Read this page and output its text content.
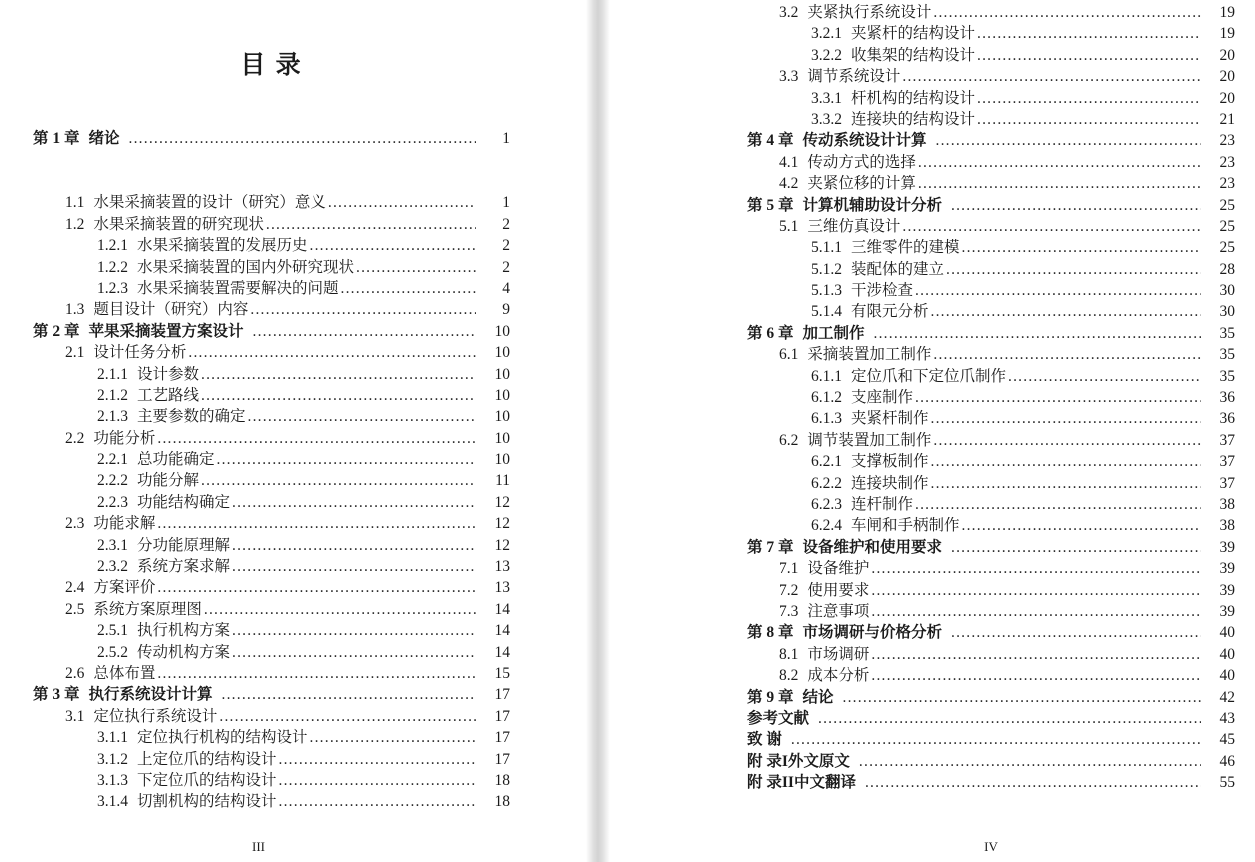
目 录
第 1 章 绪论 .....	1
1.1 水果采摘装置的设计（研究）意义 .....	1
1.2 水果采摘装置的研究现状 .....	2
1.2.1 水果采摘装置的发展历史 .....	2
1.2.2 水果采摘装置的国内外研究现状 .....	2
1.2.3 水果采摘装置需要解决的问题 .....	4
1.3 题目设计（研究）内容 .....	9
第 2 章 苹果采摘装置方案设计 .....	10
2.1 设计任务分析 .....	10
2.1.1 设计参数 .....	10
2.1.2 工艺路线 .....	10
2.1.3 主要参数的确定 .....	10
2.2 功能分析 .....	10
2.2.1 总功能确定 .....	10
2.2.2 功能分解 .....	11
2.2.3 功能结构确定 .....	12
2.3 功能求解 .....	12
2.3.1 分功能原理解 .....	12
2.3.2 系统方案求解 .....	13
2.4 方案评价 .....	13
2.5 系统方案原理图 .....	14
2.5.1 执行机构方案 .....	14
2.5.2 传动机构方案 .....	14
2.6 总体布置 .....	15
第 3 章 执行系统设计计算 .....	17
3.1 定位执行系统设计 .....	17
3.1.1 定位执行机构的结构设计 .....	17
3.1.2 上定位爪的结构设计 .....	17
3.1.3 下定位爪的结构设计 .....	18
3.1.4 切割机构的结构设计 .....	18
III
3.2 夹紧执行系统设计 .....	19
3.2.1 夹紧杆的结构设计 .....	19
3.2.2 收集架的结构设计 .....	20
3.3 调节系统设计 .....	20
3.3.1 杆机构的结构设计 .....	20
3.3.2 连接块的结构设计 .....	21
第 4 章 传动系统设计计算 .....	23
4.1 传动方式的选择 .....	23
4.2 夹紧位移的计算 .....	23
第 5 章 计算机辅助设计分析 .....	25
5.1 三维仿真设计 .....	25
5.1.1 三维零件的建模 .....	25
5.1.2 装配体的建立 .....	28
5.1.3 干涉检查 .....	30
5.1.4 有限元分析 .....	30
第 6 章 加工制作 .....	35
6.1 采摘装置加工制作 .....	35
6.1.1 定位爪和下定位爪制作 .....	35
6.1.2 支座制作 .....	36
6.1.3 夹紧杆制作 .....	36
6.2 调节装置加工制作 .....	37
6.2.1 支撑板制作 .....	37
6.2.2 连接块制作 .....	37
6.2.3 连杆制作 .....	38
6.2.4 车闸和手柄制作 .....	38
第 7 章 设备维护和使用要求 .....	39
7.1 设备维护 .....	39
7.2 使用要求 .....	39
7.3 注意事项 .....	39
第 8 章 市场调研与价格分析 .....	40
8.1 市场调研 .....	40
8.2 成本分析 .....	40
第 9 章 结论 .....	42
参考文献 .....	43
致 谢 .....	45
附 录I外文原文 .....	46
附 录II中文翻译 .....	55
IV
